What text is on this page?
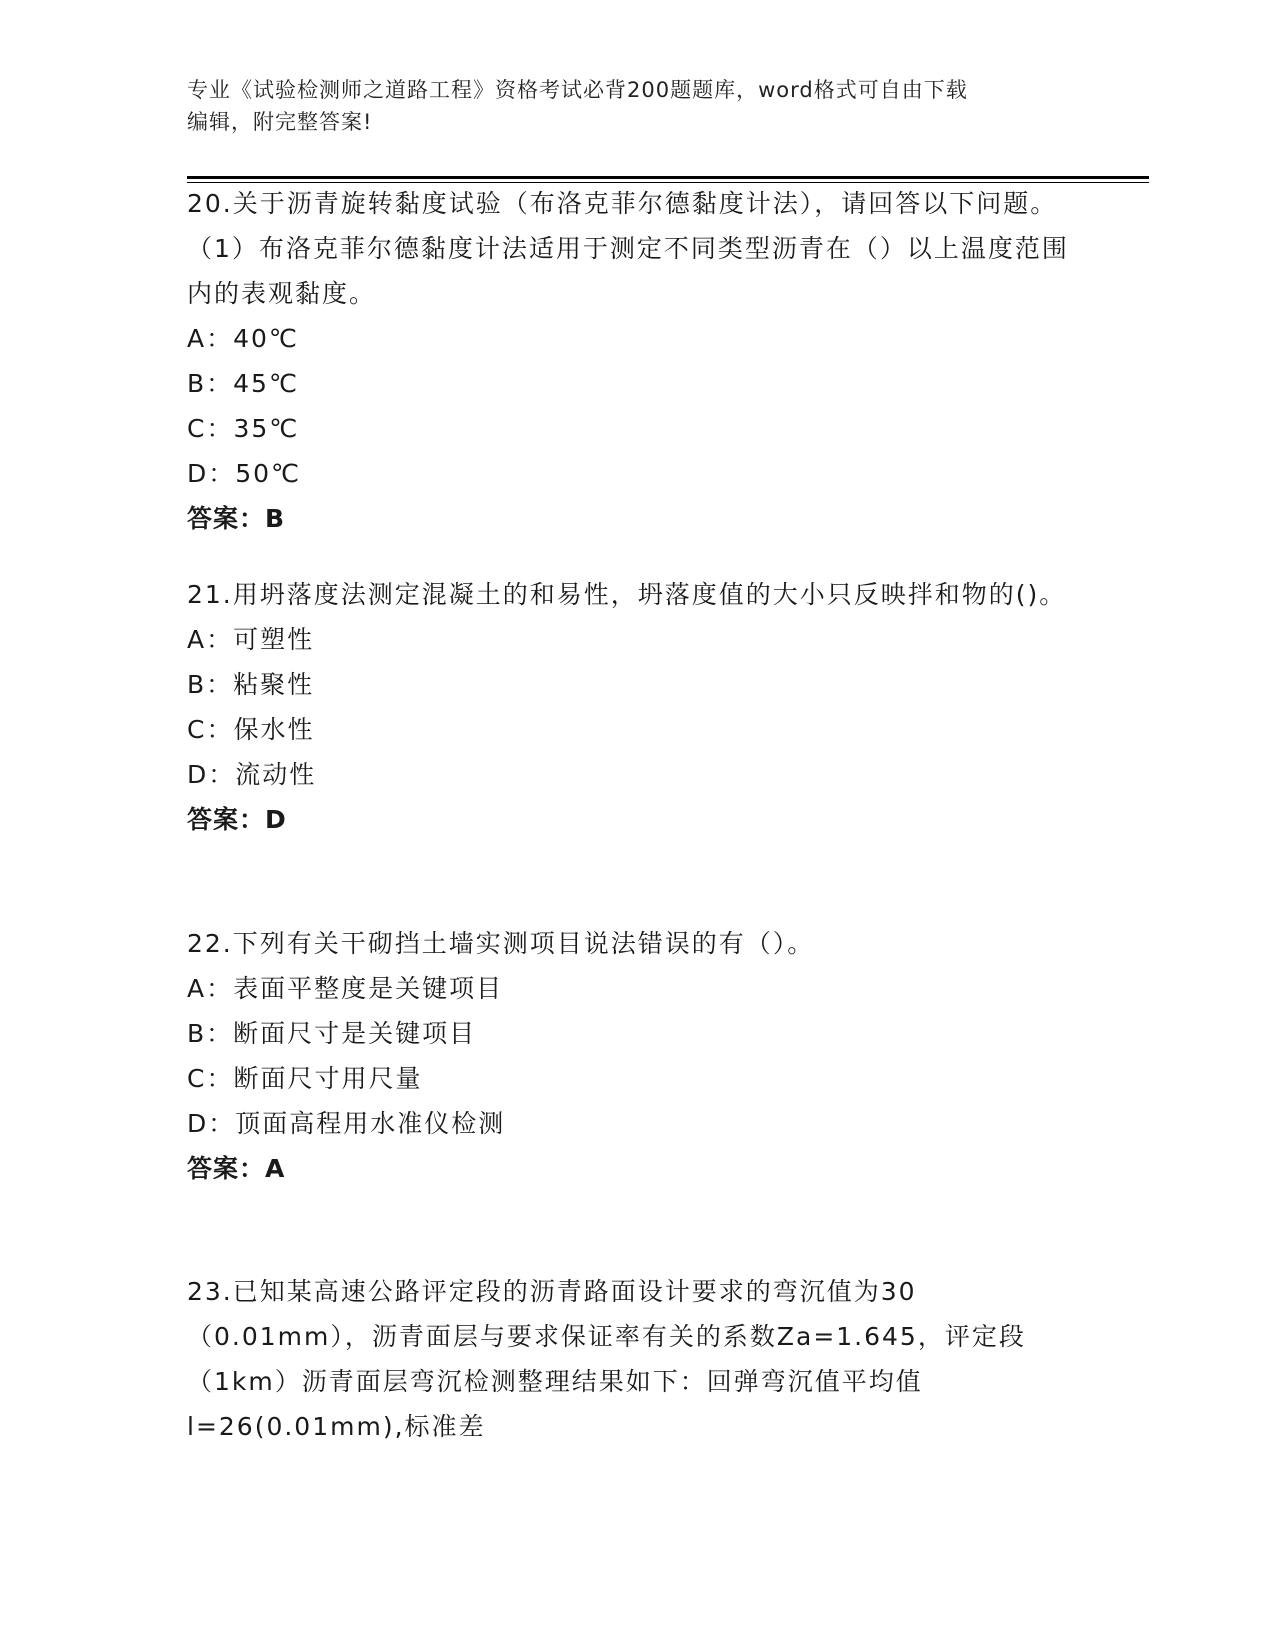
专业《试验检测师之道路工程》资格考试必背200题题库，word格式可自由下载
编辑，附完整答案!

20.关于沥青旋转黏度试验（布洛克菲尔德黏度计法），请回答以下问题。（1）布洛克菲尔德黏度计法适用于测定不同类型沥青在（）以上温度范围内的表观黏度。

A：40℃

B：45℃

C：35℃

D：50℃

答案：B

21.用坍落度法测定混凝土的和易性，坍落度值的大小只反映拌和物的()。

A：可塑性

B：粘聚性

C：保水性

D：流动性

答案：D

22.下列有关干砌挡土墙实测项目说法错误的有（）。

A：表面平整度是关键项目

B：断面尺寸是关键项目

C：断面尺寸用尺量

D：顶面高程用水准仪检测

答案：A

23.已知某高速公路评定段的沥青路面设计要求的弯沉值为30（0.01mm），沥青面层与要求保证率有关的系数Za=1.645，评定段（1km）沥青面层弯沉检测整理结果如下：回弹弯沉值平均值l=26(0.01mm),标准差
